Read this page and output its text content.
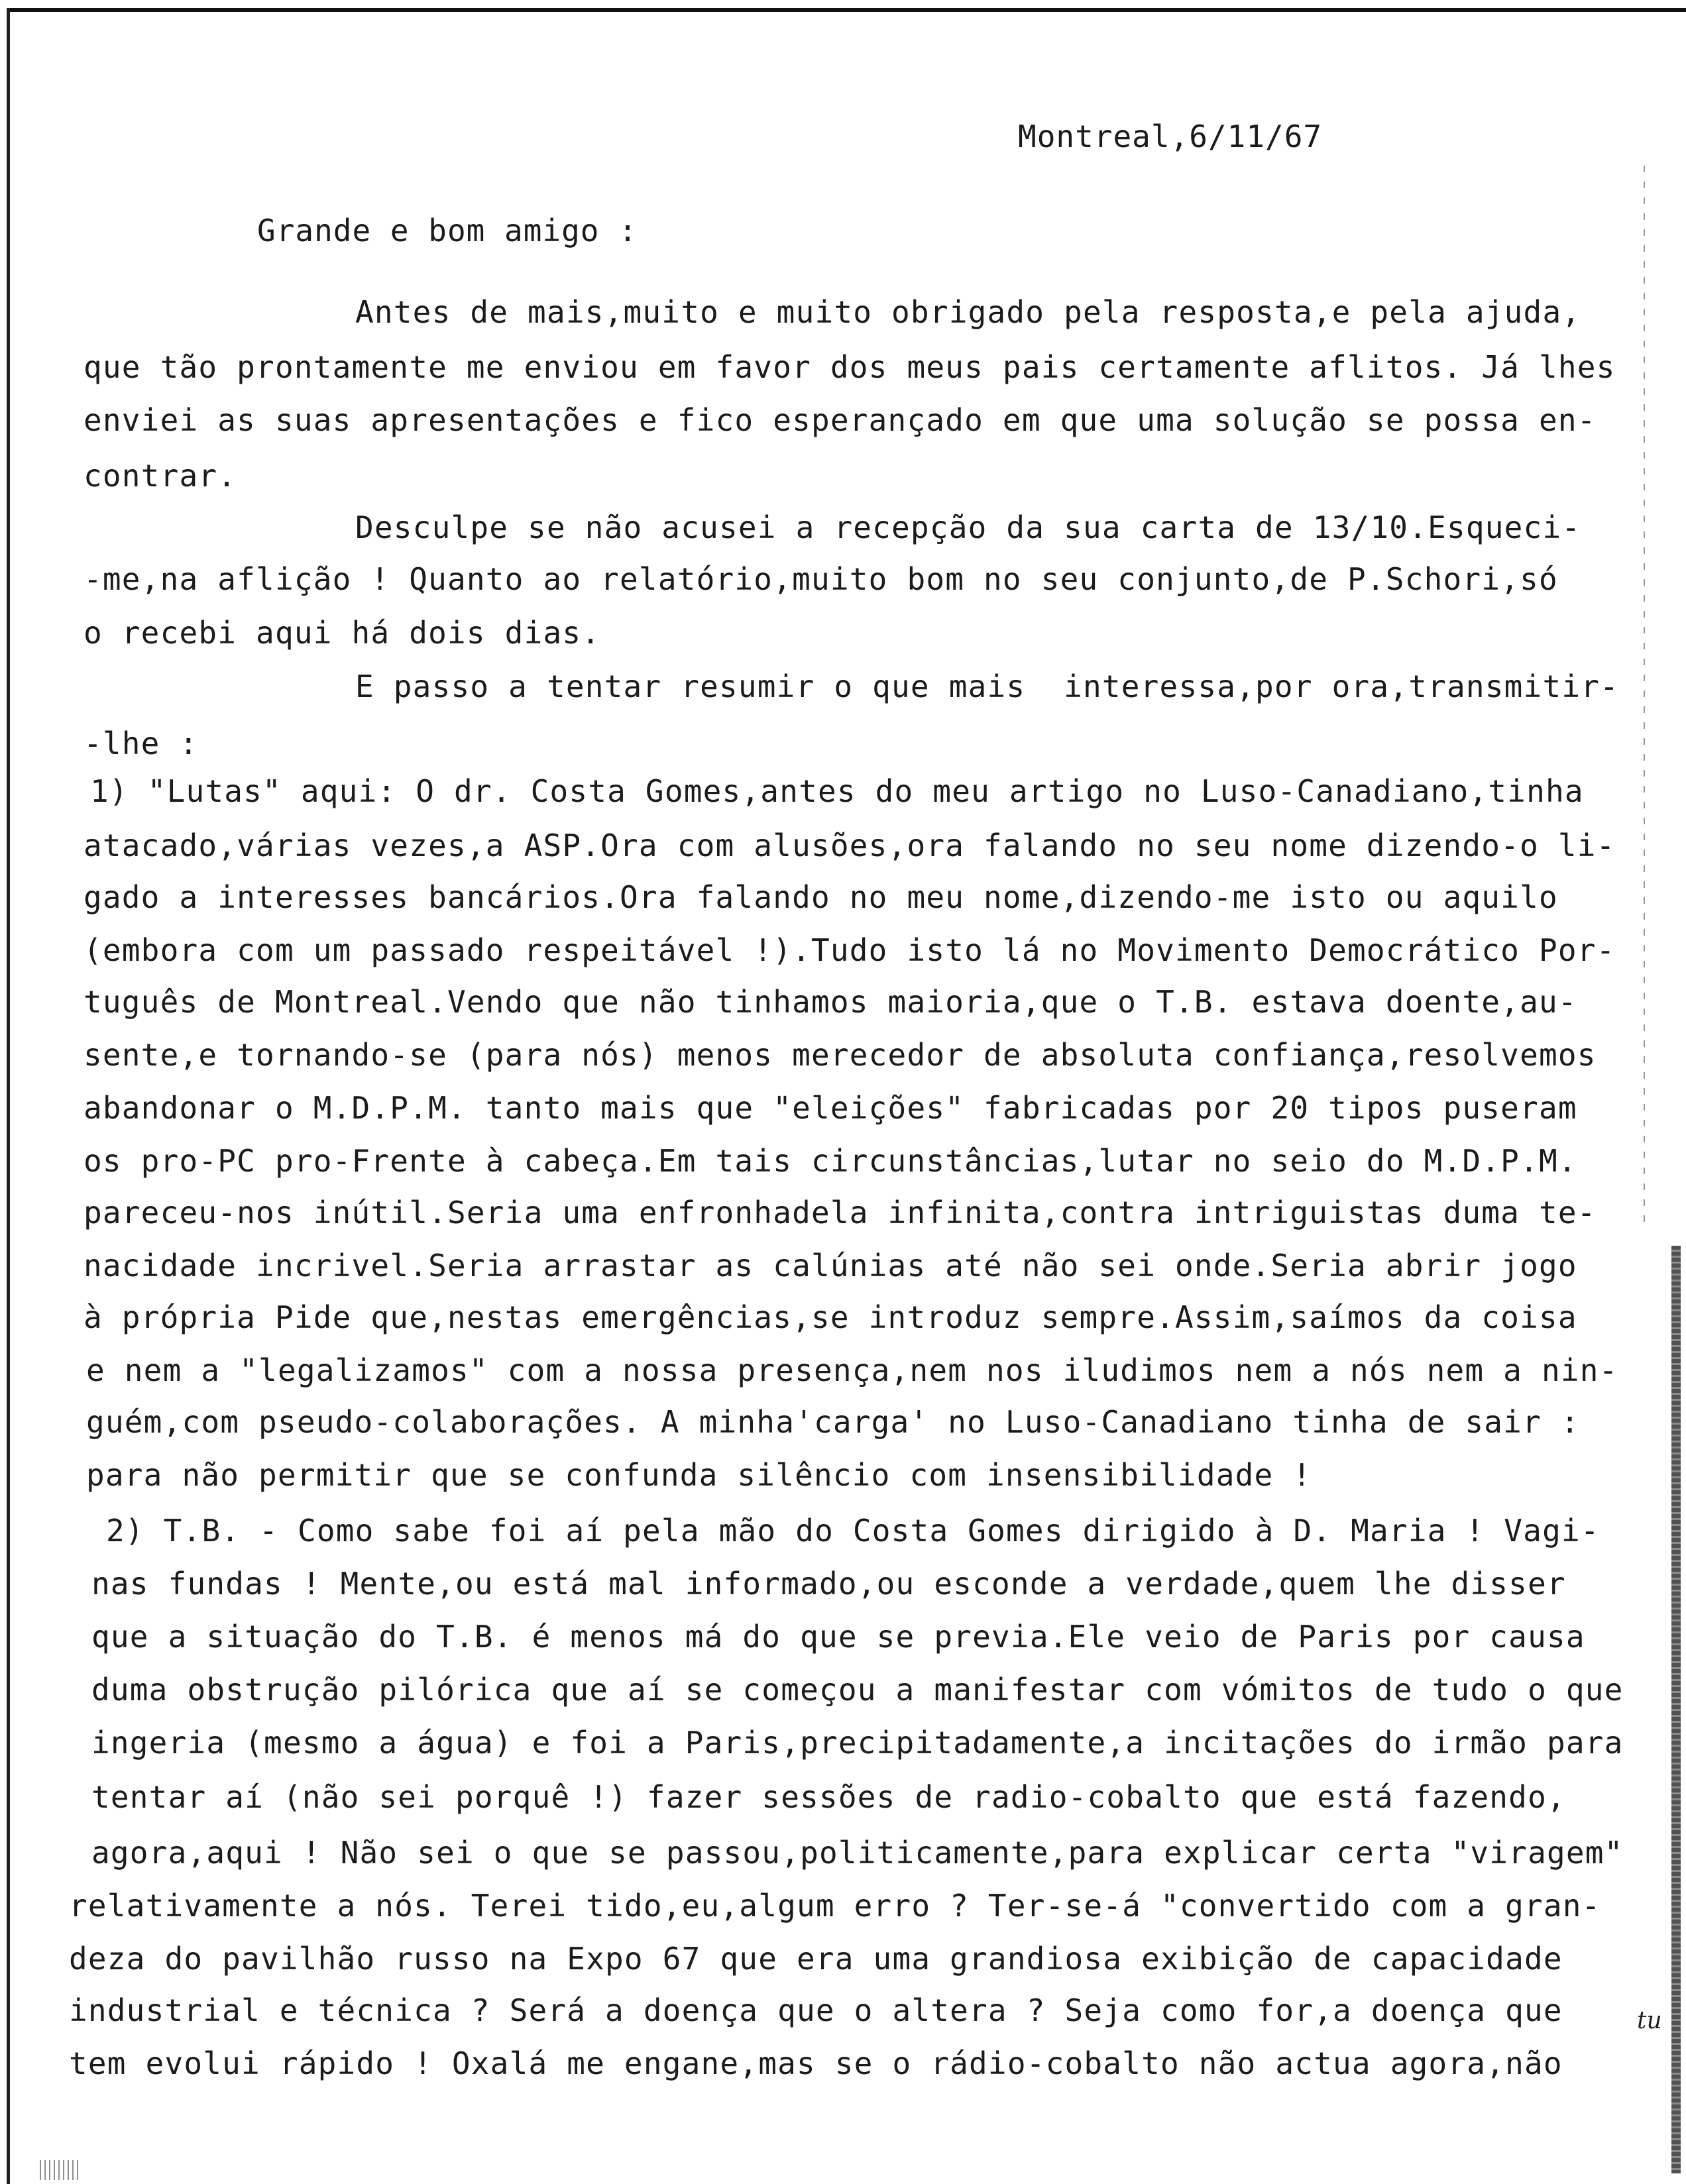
Montreal,6/11/67
Grande e bom amigo :
Antes de mais,muito e muito obrigado pela resposta,e pela ajuda,
que tão prontamente me enviou em favor dos meus pais certamente aflitos. Já lhes
enviei as suas apresentações e fico esperançado em que uma solução se possa en-
contrar.
Desculpe se não acusei a recepção da sua carta de 13/10.Esqueci-
-me,na aflição ! Quanto ao relatório,muito bom no seu conjunto,de P.Schori,só
o recebi aqui há dois dias.
E passo a tentar resumir o que mais  interessa,por ora,transmitir-
-lhe :
1) "Lutas" aqui: O dr. Costa Gomes,antes do meu artigo no Luso-Canadiano,tinha
atacado,várias vezes,a ASP.Ora com alusões,ora falando no seu nome dizendo-o li-
gado a interesses bancários.Ora falando no meu nome,dizendo-me isto ou aquilo
(embora com um passado respeitável !).Tudo isto lá no Movimento Democrático Por-
tuguês de Montreal.Vendo que não tinhamos maioria,que o T.B. estava doente,au-
sente,e tornando-se (para nós) menos merecedor de absoluta confiança,resolvemos
abandonar o M.D.P.M. tanto mais que "eleições" fabricadas por 20 tipos puseram
os pro-PC pro-Frente à cabeça.Em tais circunstâncias,lutar no seio do M.D.P.M.
pareceu-nos inútil.Seria uma enfronhadela infinita,contra intriguistas duma te-
nacidade incrivel.Seria arrastar as calúnias até não sei onde.Seria abrir jogo
à própria Pide que,nestas emergências,se introduz sempre.Assim,saímos da coisa
e nem a "legalizamos" com a nossa presença,nem nos iludimos nem a nós nem a nin-
guém,com pseudo-colaborações. A minha'carga' no Luso-Canadiano tinha de sair :
para não permitir que se confunda silêncio com insensibilidade !
2) T.B. - Como sabe foi aí pela mão do Costa Gomes dirigido à D. Maria ! Vagi-
nas fundas ! Mente,ou está mal informado,ou esconde a verdade,quem lhe disser
que a situação do T.B. é menos má do que se previa.Ele veio de Paris por causa
duma obstrução pilórica que aí se começou a manifestar com vómitos de tudo o que
ingeria (mesmo a água) e foi a Paris,precipitadamente,a incitações do irmão para
tentar aí (não sei porquê !) fazer sessões de radio-cobalto que está fazendo,
agora,aqui ! Não sei o que se passou,politicamente,para explicar certa "viragem"
relativamente a nós. Terei tido,eu,algum erro ? Ter-se-á "convertido com a gran-
deza do pavilhão russo na Expo 67 que era uma grandiosa exibição de capacidade
industrial e técnica ? Será a doença que o altera ? Seja como for,a doença que
tem evolui rápido ! Oxalá me engane,mas se o rádio-cobalto não actua agora,não
tu
